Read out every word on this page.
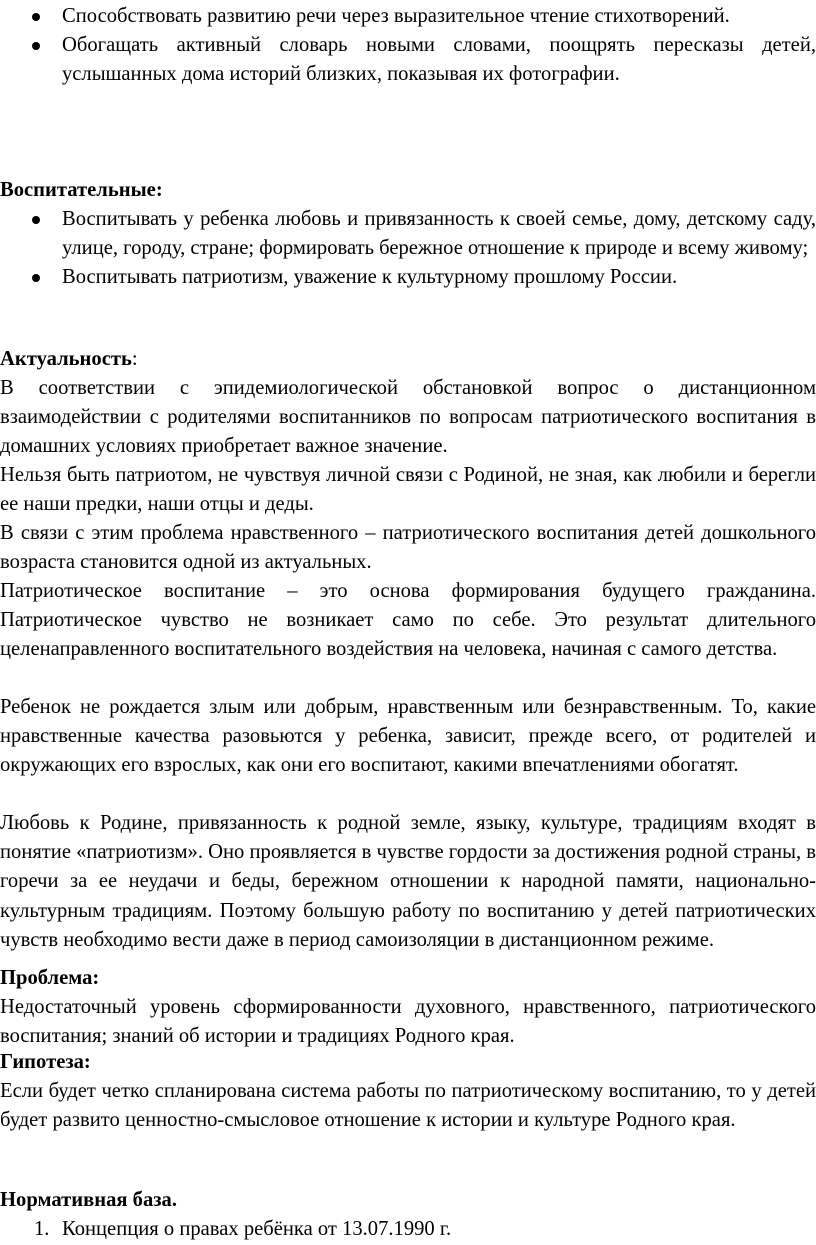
Способствовать развитию речи через выразительное чтение стихотворений.
Обогащать активный словарь новыми словами, поощрять пересказы детей, услышанных дома историй близких, показывая их фотографии.

Воспитательные:

Воспитывать у ребенка любовь и привязанность к своей семье, дому, детскому саду, улице, городу, стране; формировать бережное отношение к природе и всему живому;
Воспитывать патриотизм, уважение к культурному прошлому России.

Актуальность:

В соответствии с эпидемиологической обстановкой вопрос о дистанционном взаимодействии с родителями воспитанников по вопросам патриотического воспитания в домашних условиях приобретает важное значение.

Нельзя быть патриотом, не чувствуя личной связи с Родиной, не зная, как любили и берегли ее наши предки, наши отцы и деды.

В связи с этим проблема нравственного – патриотического воспитания детей дошкольного возраста становится одной из актуальных.

Патриотическое воспитание – это основа формирования будущего гражданина. Патриотическое чувство не возникает само по себе. Это результат длительного целенаправленного воспитательного воздействия на человека, начиная с самого детства.

Ребенок не рождается злым или добрым, нравственным или безнравственным. То, какие нравственные качества разовьются у ребенка, зависит, прежде всего, от родителей и окружающих его взрослых, как они его воспитают, какими впечатлениями обогатят.

Любовь к Родине, привязанность к родной земле, языку, культуре, традициям входят в понятие «патриотизм». Оно проявляется в чувстве гордости за достижения родной страны, в горечи за ее неудачи и беды, бережном отношении к народной памяти, национально-культурным традициям. Поэтому большую работу по воспитанию у детей патриотических чувств необходимо вести даже в период самоизоляции в дистанционном режиме.

Проблема:

Недостаточный уровень сформированности духовного, нравственного, патриотического воспитания; знаний об истории и традициях Родного края.

Гипотеза:

Если будет четко спланирована система работы по патриотическому воспитанию, то у детей будет развито ценностно-смысловое отношение к истории и культуре Родного края.

Нормативная база.

1. Концепция о правах ребёнка от 13.07.1990 г.
